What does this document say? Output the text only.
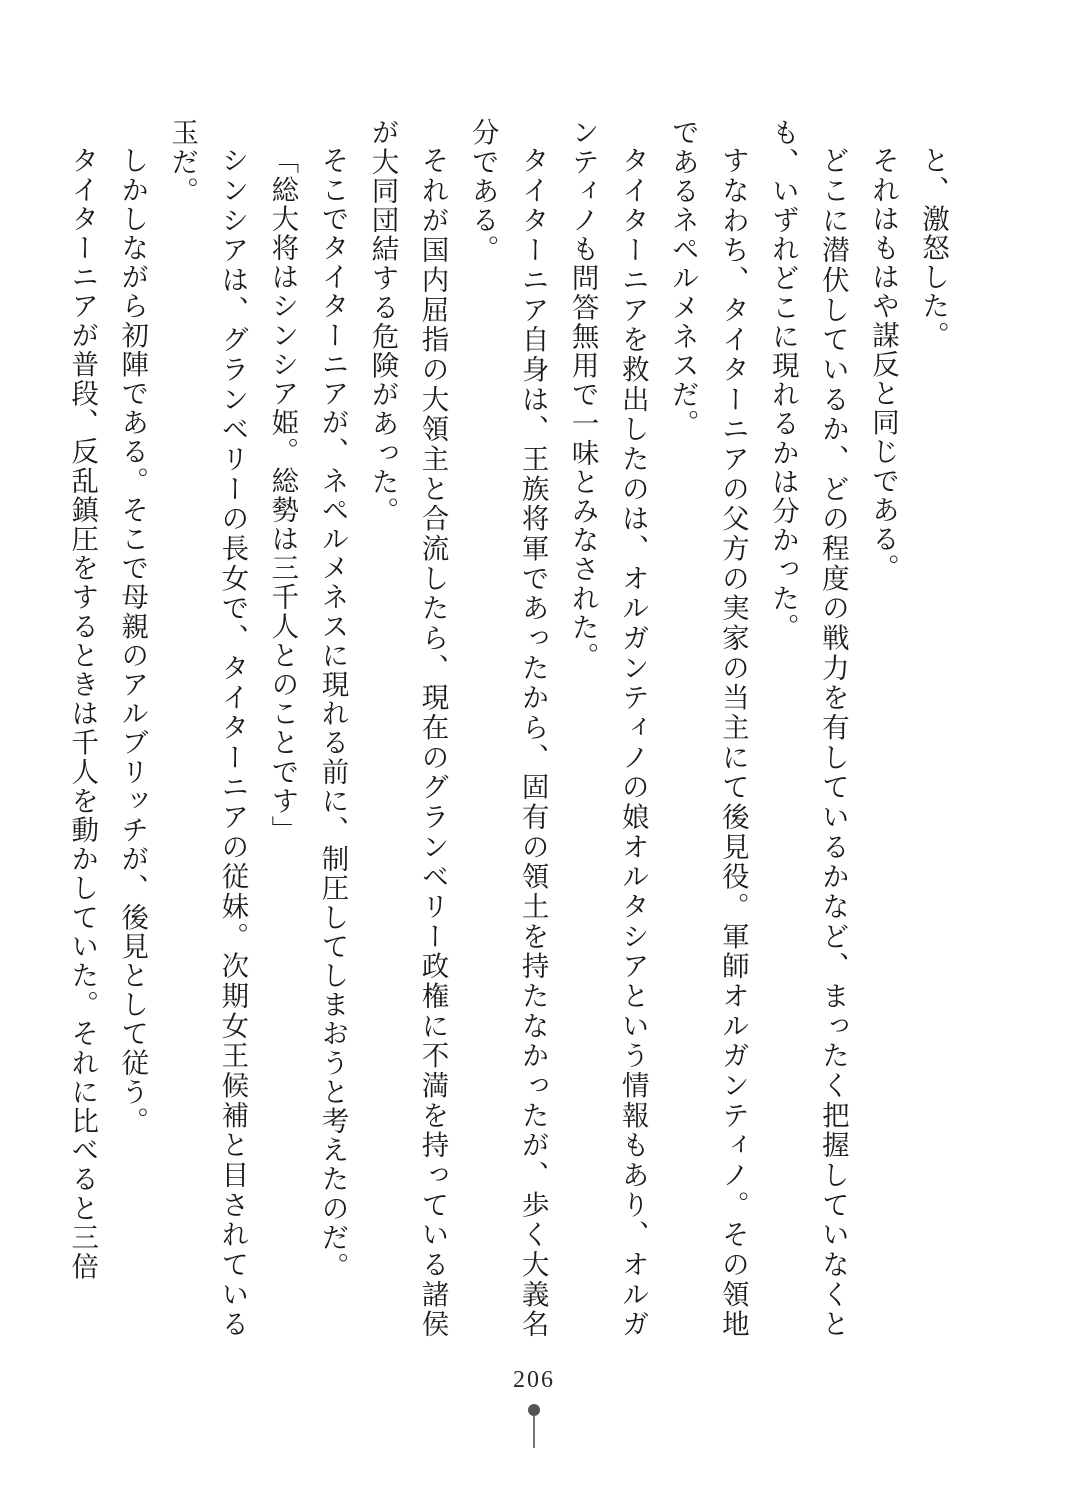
と、激怒した。

それはもはや謀反と同じである。

どこに潜伏しているか、どの程度の戦力を有しているかなど、まったく把握していなくとも、いずれどこに現れるかは分かった。

すなわち、タイターニアの父方の実家の当主にて後見役。軍師オルガンティノ。その領地であるネペルメネスだ。

タイターニアを救出したのは、オルガンティノの娘オルタシアという情報もあり、オルガンティノも問答無用で一味とみなされた。

タイターニア自身は、王族将軍であったから、固有の領土を持たなかったが、歩く大義名分である。

それが国内屈指の大領主と合流したら、現在のグランベリー政権に不満を持っている諸侯が大同団結する危険があった。

そこでタイターニアが、ネペルメネスに現れる前に、制圧してしまおうと考えたのだ。

「総大将はシンシア姫。総勢は三千人とのことです」

シンシアは、グランベリーの長女で、タイターニアの従妹。次期女王候補と目されている玉だ。

しかしながら初陣である。そこで母親のアルブリッチが、後見として従う。

タイターニアが普段、反乱鎮圧をするときは千人を動かしていた。それに比べると三倍

206
